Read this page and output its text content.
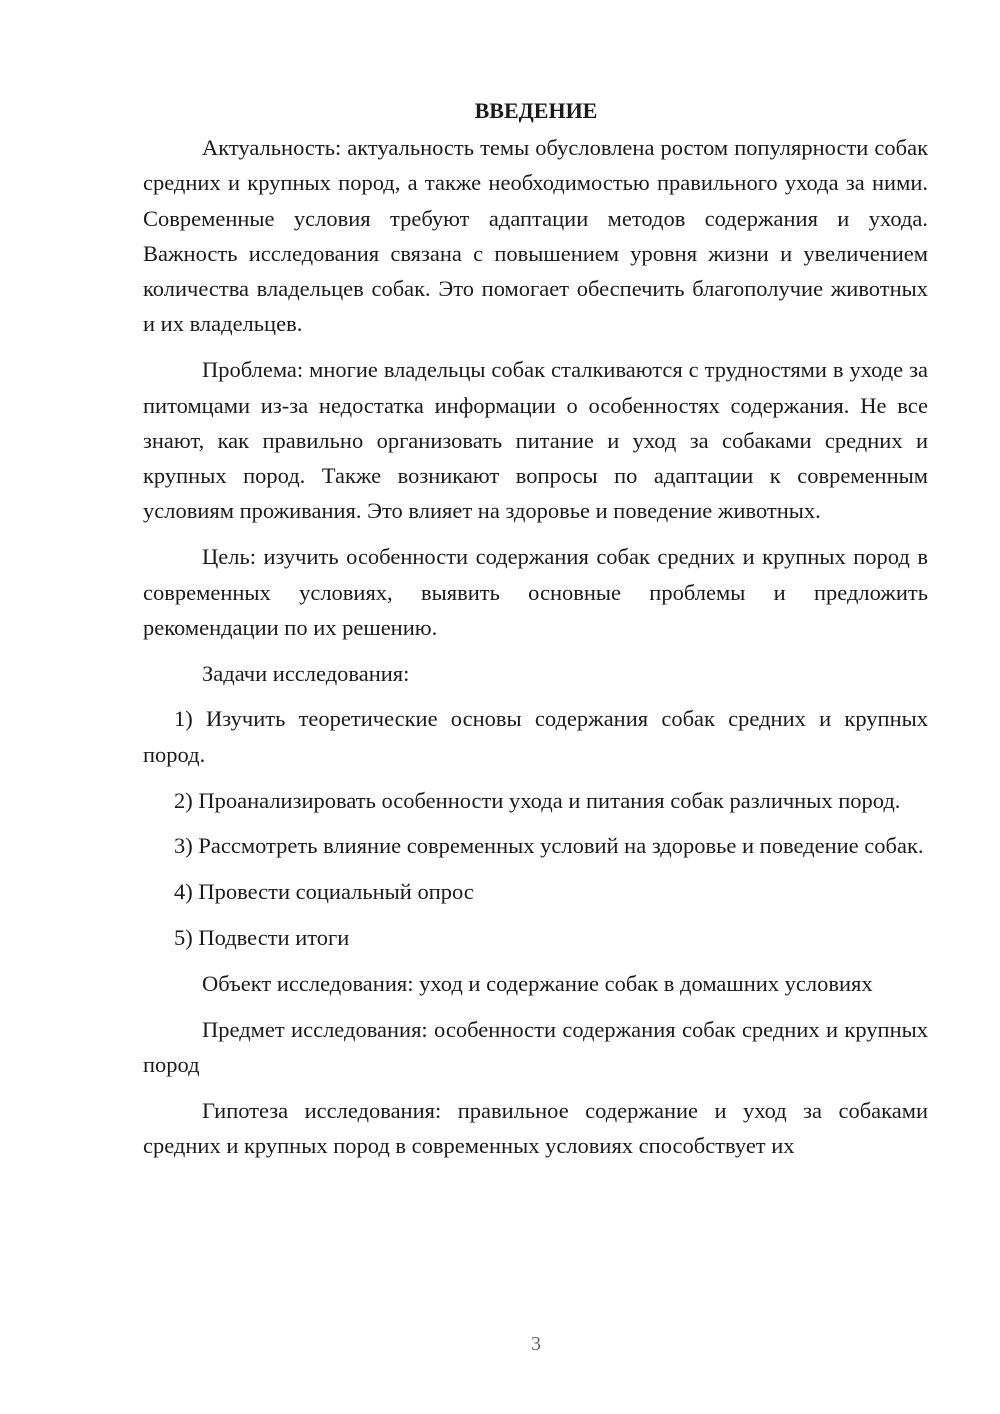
ВВЕДЕНИЕ

Актуальность: актуальность темы обусловлена ростом популярности собак средних и крупных пород, а также необходимостью правильного ухода за ними. Современные условия требуют адаптации методов содержания и ухода. Важность исследования связана с повышением уровня жизни и увеличением количества владельцев собак. Это помогает обеспечить благополучие животных и их владельцев.

Проблема: многие владельцы собак сталкиваются с трудностями в уходе за питомцами из-за недостатка информации о особенностях содержания. Не все знают, как правильно организовать питание и уход за собаками средних и крупных пород. Также возникают вопросы по адаптации к современным условиям проживания. Это влияет на здоровье и поведение животных.

Цель: изучить особенности содержания собак средних и крупных пород в современных условиях, выявить основные проблемы и предложить рекомендации по их решению.

Задачи исследования:

1) Изучить теоретические основы содержания собак средних и крупных пород.

2) Проанализировать особенности ухода и питания собак различных пород.

3) Рассмотреть влияние современных условий на здоровье и поведение собак.

4) Провести социальный опрос

5) Подвести итоги

Объект исследования: уход и содержание собак в домашних условиях

Предмет исследования: особенности содержания собак средних и крупных пород

Гипотеза исследования: правильное содержание и уход за собаками средних и крупных пород в современных условиях способствует их

3
